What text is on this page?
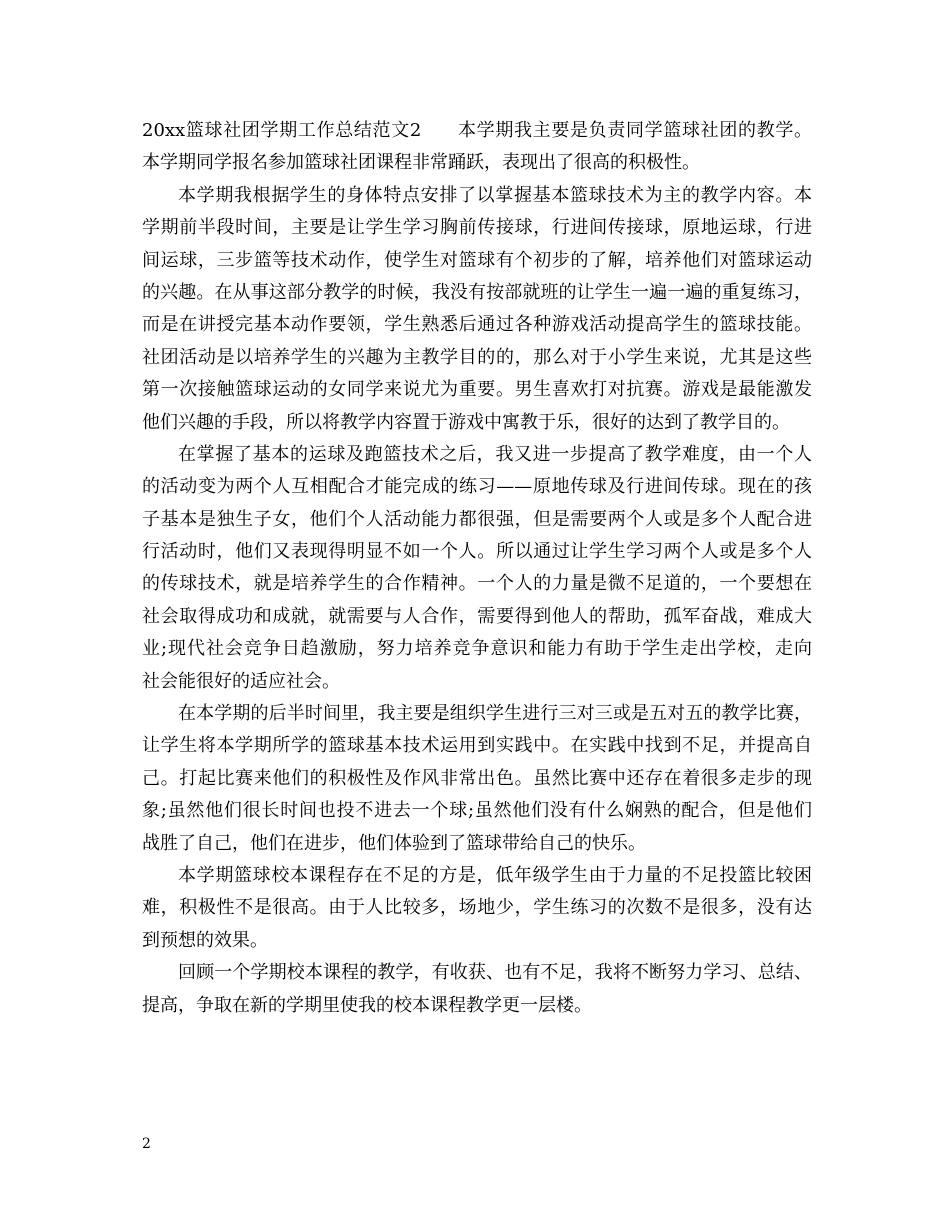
20xx篮球社团学期工作总结范文2 本学期我主要是负责同学篮球社团的教学。
本学期同学报名参加篮球社团课程非常踊跃，表现出了很高的积极性。
本学期我根据学生的身体特点安排了以掌握基本篮球技术为主的教学内容。本
学期前半段时间，主要是让学生学习胸前传接球，行进间传接球，原地运球，行进
间运球，三步篮等技术动作，使学生对篮球有个初步的了解，培养他们对篮球运动
的兴趣。在从事这部分教学的时候，我没有按部就班的让学生一遍一遍的重复练习，
而是在讲授完基本动作要领，学生熟悉后通过各种游戏活动提高学生的篮球技能。
社团活动是以培养学生的兴趣为主教学目的的，那么对于小学生来说，尤其是这些
第一次接触篮球运动的女同学来说尤为重要。男生喜欢打对抗赛。游戏是最能激发
他们兴趣的手段，所以将教学内容置于游戏中寓教于乐，很好的达到了教学目的。
在掌握了基本的运球及跑篮技术之后，我又进一步提高了教学难度，由一个人
的活动变为两个人互相配合才能完成的练习——原地传球及行进间传球。现在的孩
子基本是独生子女，他们个人活动能力都很强，但是需要两个人或是多个人配合进
行活动时，他们又表现得明显不如一个人。所以通过让学生学习两个人或是多个人
的传球技术，就是培养学生的合作精神。一个人的力量是微不足道的，一个要想在
社会取得成功和成就，就需要与人合作，需要得到他人的帮助，孤军奋战，难成大
业;现代社会竞争日趋激励，努力培养竞争意识和能力有助于学生走出学校，走向
社会能很好的适应社会。
在本学期的后半时间里，我主要是组织学生进行三对三或是五对五的教学比赛，
让学生将本学期所学的篮球基本技术运用到实践中。在实践中找到不足，并提高自
己。打起比赛来他们的积极性及作风非常出色。虽然比赛中还存在着很多走步的现
象;虽然他们很长时间也投不进去一个球;虽然他们没有什么娴熟的配合，但是他们
战胜了自己，他们在进步，他们体验到了篮球带给自己的快乐。
本学期篮球校本课程存在不足的方是，低年级学生由于力量的不足投篮比较困
难，积极性不是很高。由于人比较多，场地少，学生练习的次数不是很多，没有达
到预想的效果。
回顾一个学期校本课程的教学，有收获、也有不足，我将不断努力学习、总结、
提高，争取在新的学期里使我的校本课程教学更一层楼。
2
